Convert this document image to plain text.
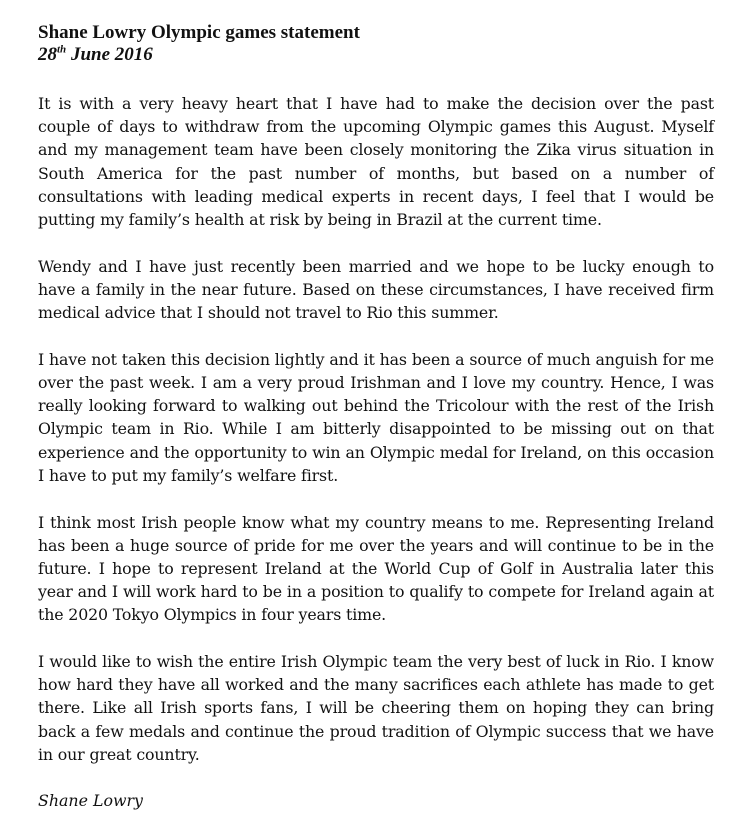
Shane Lowry Olympic games statement
28th June 2016

It is with a very heavy heart that I have had to make the decision over the past couple of days to withdraw from the upcoming Olympic games this August. Myself and my management team have been closely monitoring the Zika virus situation in South America for the past number of months, but based on a number of consultations with leading medical experts in recent days, I feel that I would be putting my family’s health at risk by being in Brazil at the current time.

Wendy and I have just recently been married and we hope to be lucky enough to have a family in the near future. Based on these circumstances, I have received firm medical advice that I should not travel to Rio this summer.

I have not taken this decision lightly and it has been a source of much anguish for me over the past week. I am a very proud Irishman and I love my country. Hence, I was really looking forward to walking out behind the Tricolour with the rest of the Irish Olympic team in Rio. While I am bitterly disappointed to be missing out on that experience and the opportunity to win an Olympic medal for Ireland, on this occasion I have to put my family’s welfare first.

I think most Irish people know what my country means to me. Representing Ireland has been a huge source of pride for me over the years and will continue to be in the future. I hope to represent Ireland at the World Cup of Golf in Australia later this year and I will work hard to be in a position to qualify to compete for Ireland again at the 2020 Tokyo Olympics in four years time.

I would like to wish the entire Irish Olympic team the very best of luck in Rio. I know how hard they have all worked and the many sacrifices each athlete has made to get there. Like all Irish sports fans, I will be cheering them on hoping they can bring back a few medals and continue the proud tradition of Olympic success that we have in our great country.

Shane Lowry
